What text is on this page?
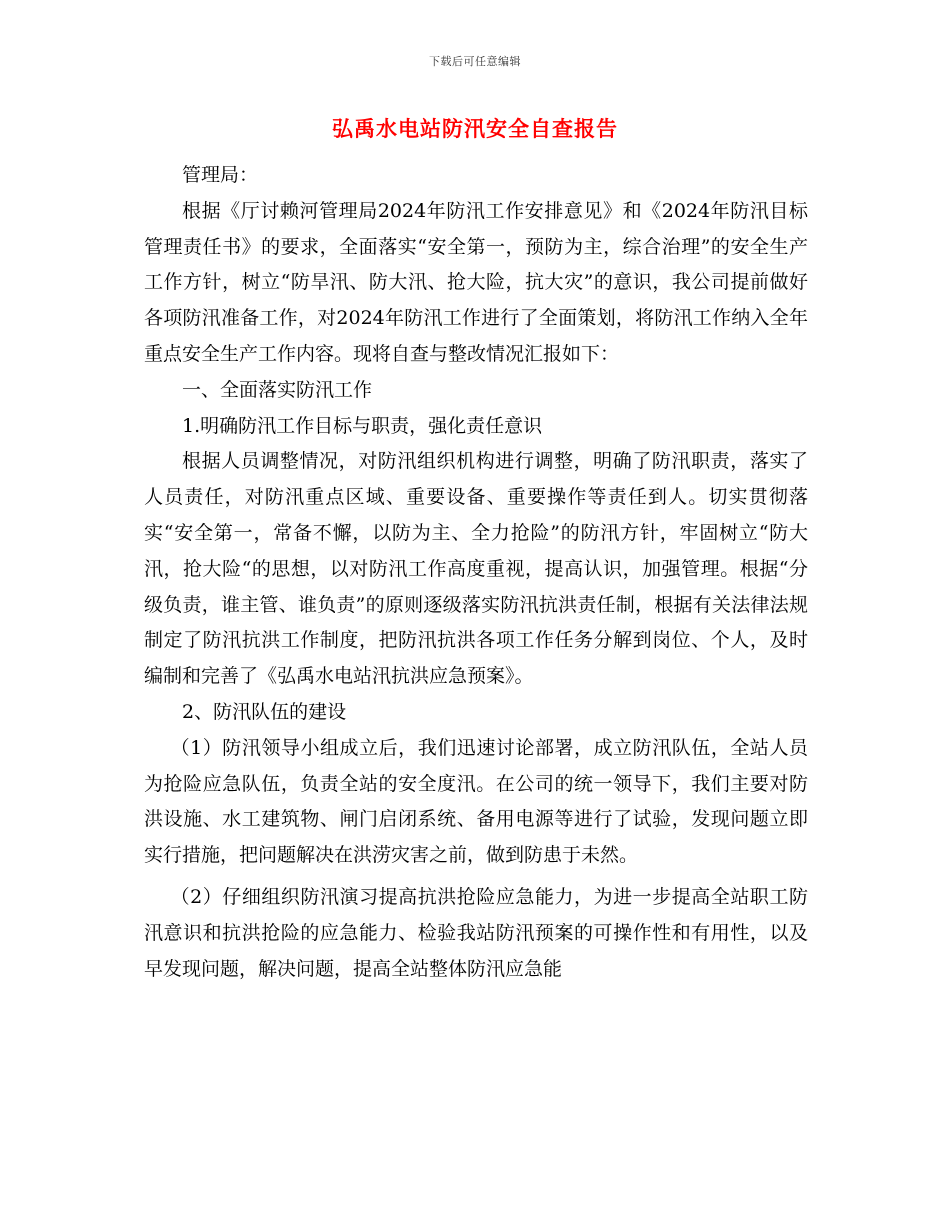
下载后可任意编辑
弘禹水电站防汛安全自查报告

管理局：

根据《厅讨赖河管理局2024年防汛工作安排意见》和《2024年防汛目标管理责任书》的要求，全面落实“安全第一，预防为主，综合治理”的安全生产工作方针，树立“防旱汛、防大汛、抢大险，抗大灾”的意识，我公司提前做好各项防汛准备工作，对2024年防汛工作进行了全面策划，将防汛工作纳入全年重点安全生产工作内容。现将自查与整改情况汇报如下：

一、全面落实防汛工作

1.明确防汛工作目标与职责，强化责任意识

根据人员调整情况，对防汛组织机构进行调整，明确了防汛职责，落实了人员责任，对防汛重点区域、重要设备、重要操作等责任到人。切实贯彻落实“安全第一，常备不懈，以防为主、全力抢险”的防汛方针，牢固树立“防大汛，抢大险“的思想，以对防汛工作高度重视，提高认识，加强管理。根据“分级负责，谁主管、谁负责”的原则逐级落实防汛抗洪责任制，根据有关法律法规制定了防汛抗洪工作制度，把防汛抗洪各项工作任务分解到岗位、个人，及时编制和完善了《弘禹水电站汛抗洪应急预案》。

2、防汛队伍的建设

（1）防汛领导小组成立后，我们迅速讨论部署，成立防汛队伍，全站人员为抢险应急队伍，负责全站的安全度汛。在公司的统一领导下，我们主要对防洪设施、水工建筑物、闸门启闭系统、备用电源等进行了试验，发现问题立即实行措施，把问题解决在洪涝灾害之前，做到防患于未然。

（2）仔细组织防汛演习提高抗洪抢险应急能力，为进一步提高全站职工防汛意识和抗洪抢险的应急能力、检验我站防汛预案的可操作性和有用性，以及早发现问题，解决问题，提高全站整体防汛应急能
